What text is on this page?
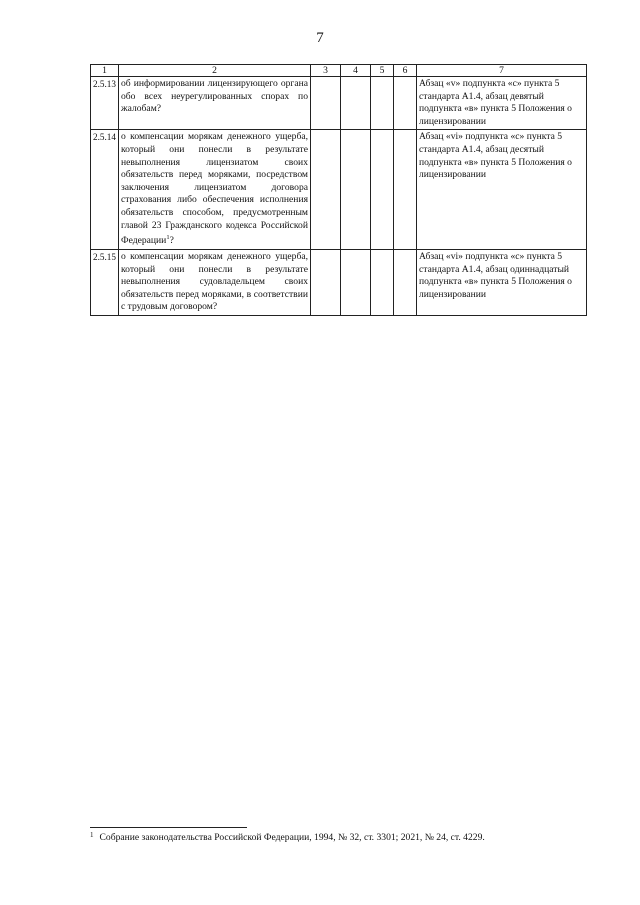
7
1	2	3	4	5	6	7
2.5.13	об информировании лицензирующего органа обо всех неурегулированных спорах по жалобам?					Абзац «v» подпункта «c» пункта 5 стандарта А1.4, абзац девятый подпункта «в» пункта 5 Положения о лицензировании
2.5.14	о компенсации морякам денежного ущерба, который они понесли в результате невыполнения лицензиатом своих обязательств перед моряками, посредством заключения лицензиатом договора страхования либо обеспечения исполнения обязательств способом, предусмотренным главой 23 Гражданского кодекса Российской Федерации$^1$?					Абзац «vi» подпункта «c» пункта 5 стандарта А1.4, абзац десятый подпункта «в» пункта 5 Положения о лицензировании
2.5.15	о компенсации морякам денежного ущерба, который они понесли в результате невыполнения судовладельцем своих обязательств перед моряками, в соответствии с трудовым договором?					Абзац «vi» подпункта «c» пункта 5 стандарта А1.4, абзац одиннадцатый подпункта «в» пункта 5 Положения о лицензировании
$^1$ Собрание законодательства Российской Федерации, 1994, № 32, ст. 3301; 2021, № 24, ст. 4229.
